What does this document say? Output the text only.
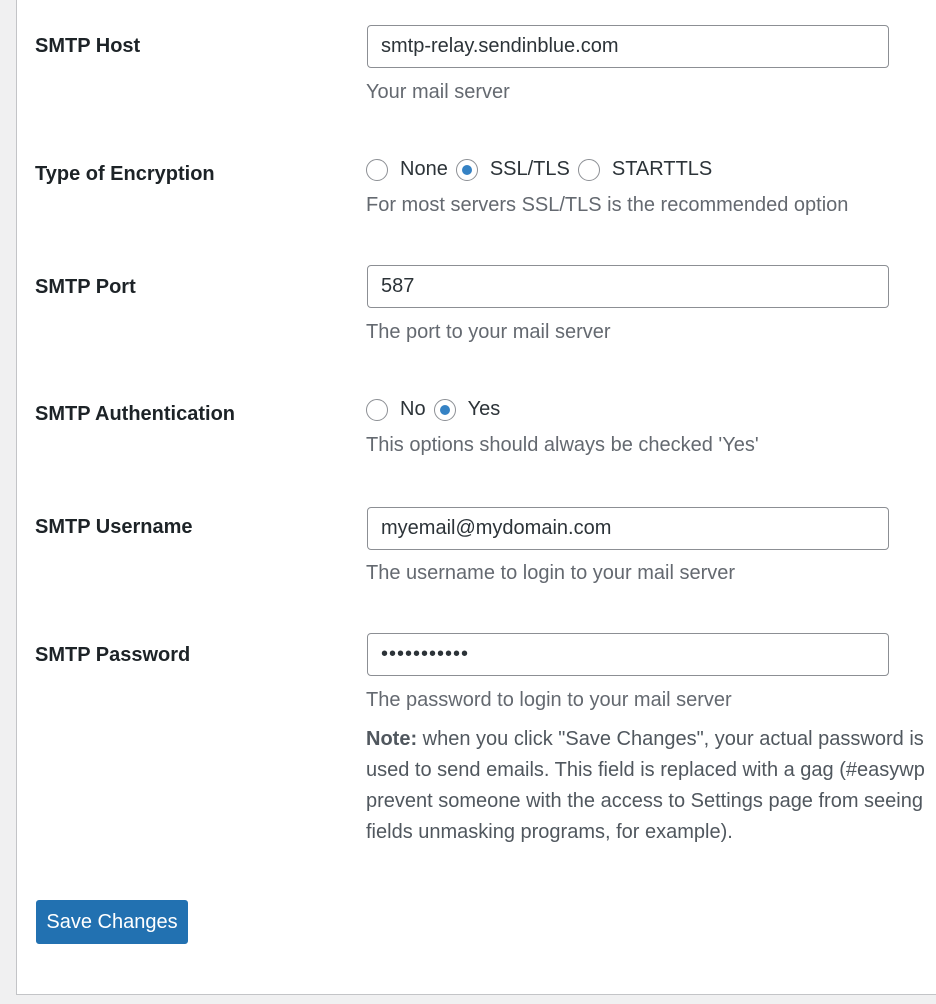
SMTP Host
smtp-relay.sendinblue.com
Your mail server
Type of Encryption	None SSL/TLS STARTTLS
For most servers SSL/TLS is the recommended option
SMTP Port
587
The port to your mail server
SMTP Authentication	No Yes
This options should always be checked 'Yes'
SMTP Username
myemail@mydomain.com
The username to login to your mail server
SMTP Password
•••••••••••
The password to login to your mail server
Note: when you click "Save Changes", your actual password is
used to send emails. This field is replaced with a gag (#easywp
prevent someone with the access to Settings page from seeing
fields unmasking programs, for example).
Save Changes
